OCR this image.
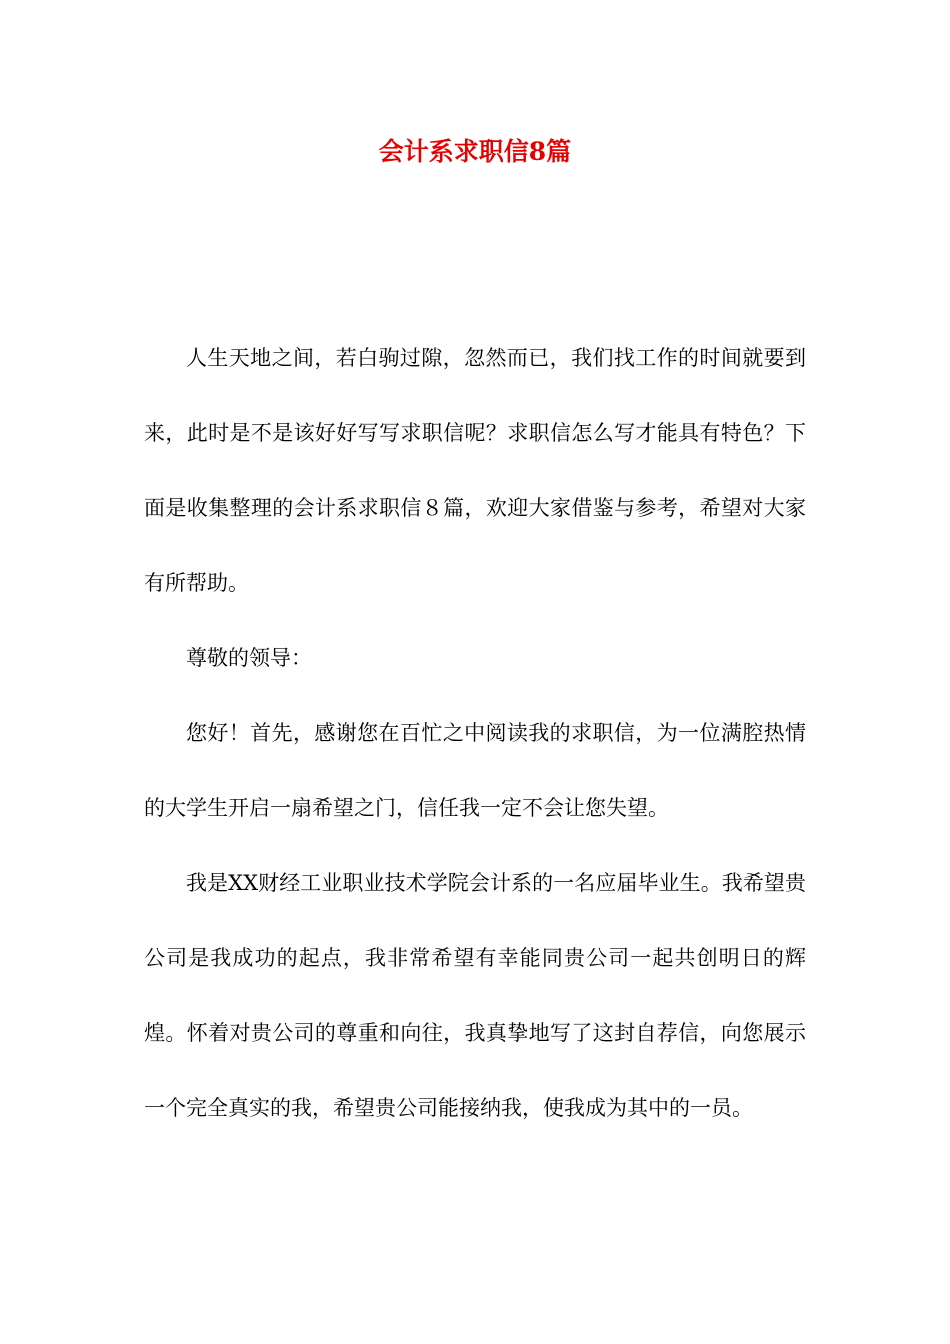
会计系求职信8篇

人生天地之间，若白驹过隙，忽然而已，我们找工作的时间就要到来，此时是不是该好好写写求职信呢？求职信怎么写才能具有特色？下面是收集整理的会计系求职信８篇，欢迎大家借鉴与参考，希望对大家有所帮助。

尊敬的领导：

您好！首先，感谢您在百忙之中阅读我的求职信，为一位满腔热情的大学生开启一扇希望之门，信任我一定不会让您失望。

我是XX财经工业职业技术学院会计系的一名应届毕业生。我希望贵公司是我成功的起点，我非常希望有幸能同贵公司一起共创明日的辉煌。怀着对贵公司的尊重和向往，我真挚地写了这封自荐信，向您展示一个完全真实的我，希望贵公司能接纳我，使我成为其中的一员。
